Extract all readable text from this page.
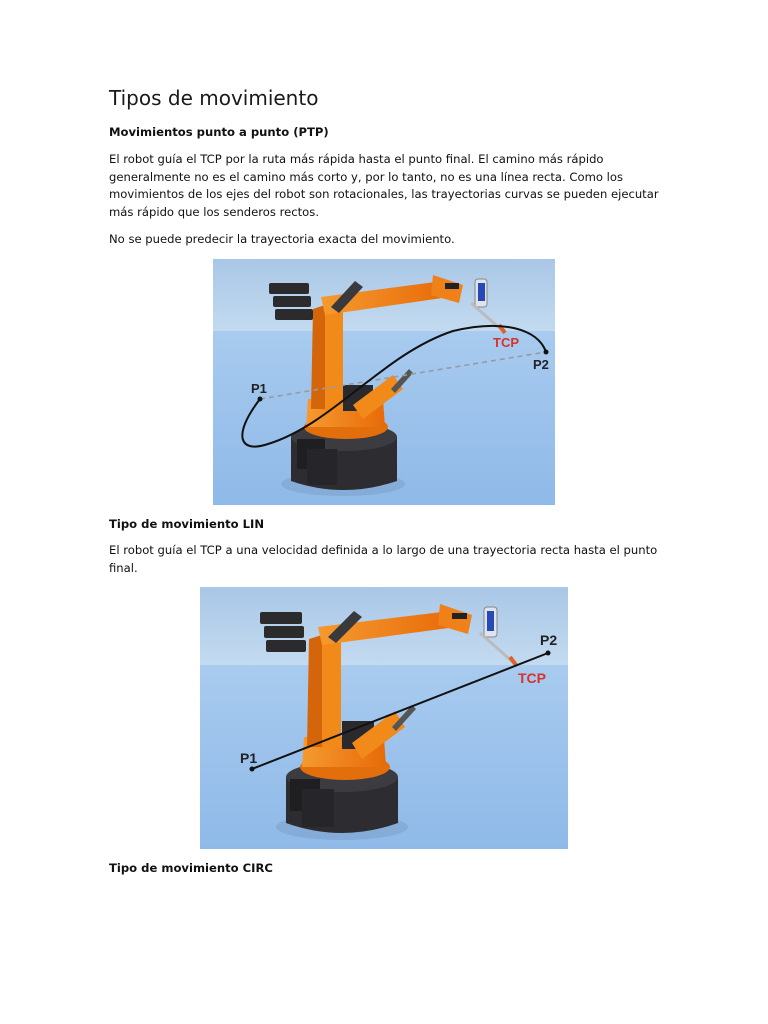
Tipos de movimiento
Movimientos punto a punto (PTP)

El robot guía el TCP por la ruta más rápida hasta el punto final. El camino más rápido
generalmente no es el camino más corto y, por lo tanto, no es una línea recta. Como los
movimientos de los ejes del robot son rotacionales, las trayectorias curvas se pueden ejecutar
más rápido que los senderos rectos.

No se puede predecir la trayectoria exacta del movimiento.

P1
P2
TCP
Tipo de movimiento LIN

El robot guía el TCP a una velocidad definida a lo largo de una trayectoria recta hasta el punto
final.

P1
P2
TCP
Tipo de movimiento CIRC
